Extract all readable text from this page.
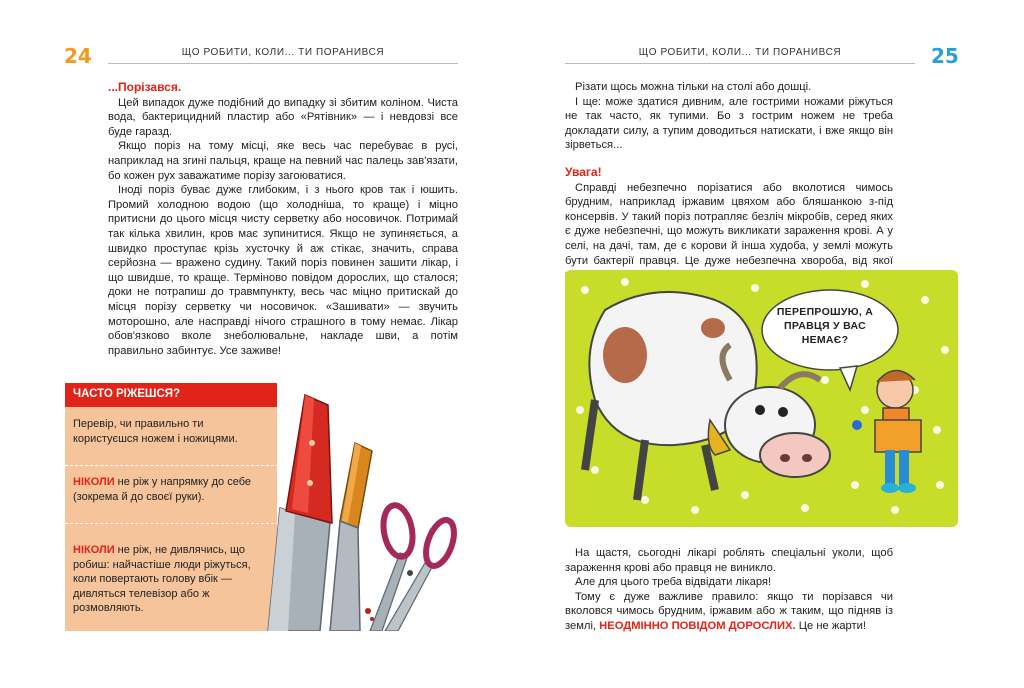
24	ЩО РОБИТИ, КОЛИ... ТИ ПОРАНИВСЯ	ЩО РОБИТИ, КОЛИ... ТИ ПОРАНИВСЯ	25
...Порізався.

Цей випадок дуже подібний до випадку зі збитим коліном. Чиста вода, бактерицидний пластир або «Рятівник» — і невдовзі все буде гаразд.

Якщо поріз на тому місці, яке весь час перебуває в русі, наприклад на згині пальця, краще на певний час палець зав'язати, бо кожен рух заважатиме порізу загоюватися.

Іноді поріз буває дуже глибоким, і з нього кров так і юшить. Промий холодною водою (що холодніша, то краще) і міцно притисни до цього місця чисту серветку або носовичок. Потримай так кілька хвилин, кров має зупинитися. Якщо не зупиняється, а швидко проступає крізь хусточку й аж стікає, значить, справа серйозна — вражено судину. Такий поріз повинен зашити лікар, і що швидше, то краще. Терміново повідом дорослих, що сталося; доки не потрапиш до травмпункту, весь час міцно притискай до місця порізу серветку чи носовичок. «Зашивати» — звучить моторошно, але насправді нічого страшного в тому немає. Лікар обов'язково вколе знеболювальне, накладе шви, а потім правильно забинтує. Усе заживе!

ЧАСТО РІЖЕШСЯ?
Перевір, чи правильно ти користуєшся ножем і ножицями.
НІКОЛИ не ріж у напрямку до себе (зокрема й до своєї руки).
НІКОЛИ не ріж, не дивлячись, що робиш: найчастіше люди ріжуться, коли повертають голову вбік — дивляться телевізор або ж розмовляють.

Різати щось можна тільки на столі або дошці.

І ще: може здатися дивним, але гострими ножами ріжуться не так часто, як тупими. Бо з гострим ножем не треба докладати силу, а тупим доводиться натискати, і вже якщо він зірветься...

Увага!

Справді небезпечно порізатися або вколотися чимось брудним, наприклад іржавим цвяхом або бляшанкою з-під консервів. У такий поріз потрапляє безліч мікробів, серед яких є дуже небезпечні, що можуть викликати зараження крові. А у селі, на дачі, там, де є корови й інша худоба, у землі можуть бути бактерії правця. Це дуже небезпечна хвороба, від якої

ПЕРЕПРОШУЮ, А ПРАВЦЯ У ВАС НЕМАЄ?

На щастя, сьогодні лікарі роблять спеціальні уколи, щоб зараження крові або правця не виникло.

Але для цього треба відвідати лікаря!

Тому є дуже важливе правило: якщо ти порізався чи вколовся чимось брудним, іржавим або ж таким, що підняв із землі, НЕОДМІННО ПОВІДОМ ДОРОСЛИХ. Це не жарти!
